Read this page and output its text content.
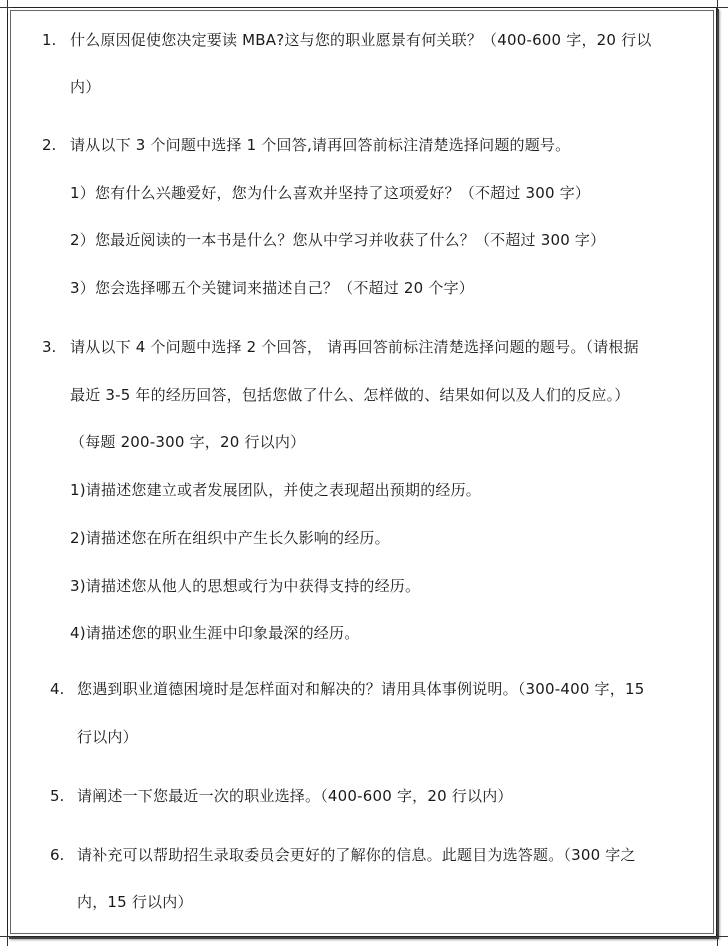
1. 什么原因促使您决定要读 MBA?这与您的职业愿景有何关联？（400-600 字，20 行以
内）
2. 请从以下 3 个问题中选择 1 个回答,请再回答前标注清楚选择问题的题号。
1）您有什么兴趣爱好，您为什么喜欢并坚持了这项爱好？（不超过 300 字）
2）您最近阅读的一本书是什么？您从中学习并收获了什么？（不超过 300 字）
3）您会选择哪五个关键词来描述自己？（不超过 20 个字）
3. 请从以下 4 个问题中选择 2 个回答， 请再回答前标注清楚选择问题的题号。（请根据
最近 3-5 年的经历回答，包括您做了什么、怎样做的、结果如何以及人们的反应。）
（每题 200-300 字，20 行以内）
1)请描述您建立或者发展团队，并使之表现超出预期的经历。
2)请描述您在所在组织中产生长久影响的经历。
3)请描述您从他人的思想或行为中获得支持的经历。
4)请描述您的职业生涯中印象最深的经历。
4. 您遇到职业道德困境时是怎样面对和解决的？请用具体事例说明。（300-400 字，15
行以内）
5. 请阐述一下您最近一次的职业选择。（400-600 字，20 行以内）
6. 请补充可以帮助招生录取委员会更好的了解你的信息。此题目为选答题。（300 字之
内，15 行以内）
